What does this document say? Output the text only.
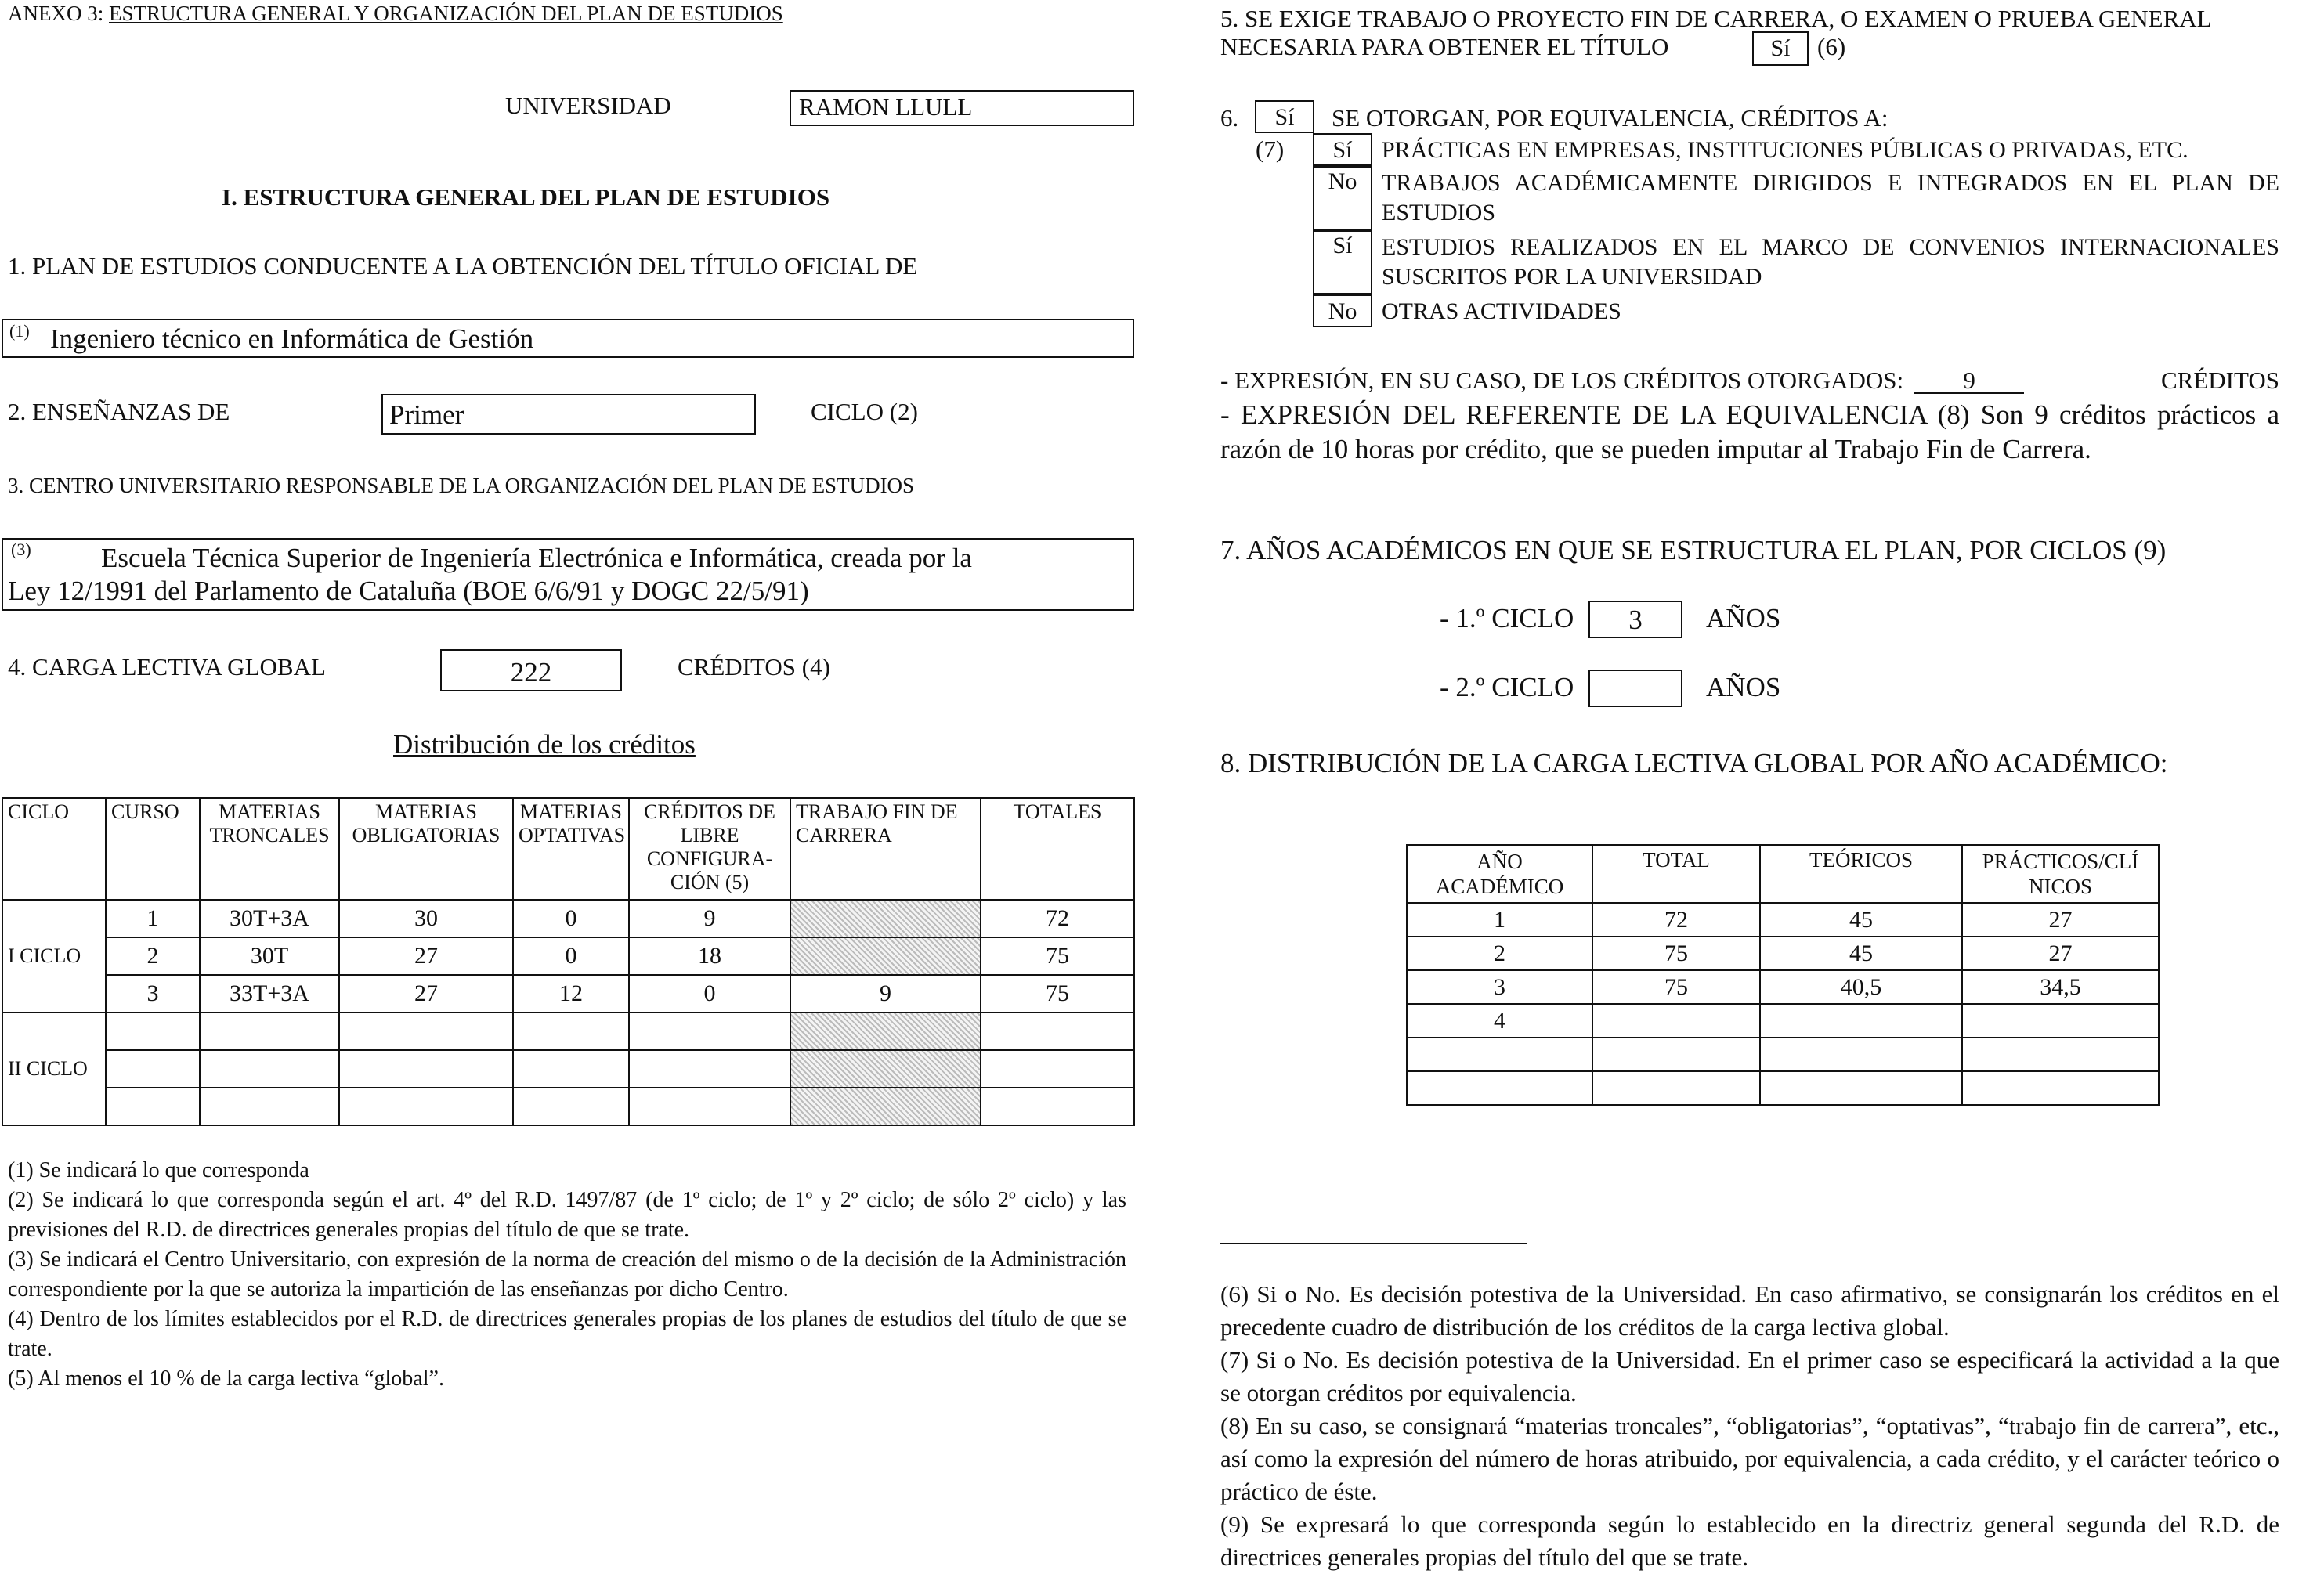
ANEXO 3: ESTRUCTURA GENERAL Y ORGANIZACIÓN DEL PLAN DE ESTUDIOS
UNIVERSIDAD	RAMON LLULL
I. ESTRUCTURA GENERAL DEL PLAN DE ESTUDIOS
1. PLAN DE ESTUDIOS CONDUCENTE A LA OBTENCIÓN DEL TÍTULO OFICIAL DE
(1) Ingeniero técnico en Informática de Gestión
2. ENSEÑANZAS DE	Primer	CICLO (2)
3. CENTRO UNIVERSITARIO RESPONSABLE DE LA ORGANIZACIÓN DEL PLAN DE ESTUDIOS
(3)	Escuela Técnica Superior de Ingeniería Electrónica e Informática, creada por la
Ley 12/1991 del Parlamento de Cataluña (BOE 6/6/91 y DOGC 22/5/91)
4. CARGA LECTIVA GLOBAL	222	CRÉDITOS (4)
Distribución de los créditos
CICLO	CURSO	MATERIAS TRONCALES	MATERIAS OBLIGATORIAS	MATERIAS OPTATIVAS	CRÉDITOS DE LIBRE CONFIGURA-CIÓN (5)	TRABAJO FIN DE CARRERA	TOTALES
I CICLO	1	30T+3A	30	0	9		72
	2	30T	27	0	18		75
	3	33T+3A	27	12	0	9	75
II CICLO							

(1) Se indicará lo que corresponda
(2) Se indicará lo que corresponda según el art. 4º del R.D. 1497/87 (de 1º ciclo; de 1º y 2º ciclo; de sólo 2º ciclo) y las previsiones del R.D. de directrices generales propias del título de que se trate.
(3) Se indicará el Centro Universitario, con expresión de la norma de creación del mismo o de la decisión de la Administración correspondiente por la que se autoriza la impartición de las enseñanzas por dicho Centro.
(4) Dentro de los límites establecidos por el R.D. de directrices generales propias de los planes de estudios del título de que se trate.
(5) Al menos el 10 % de la carga lectiva “global”.
5. SE EXIGE TRABAJO O PROYECTO FIN DE CARRERA, O EXAMEN O PRUEBA GENERAL
NECESARIA PARA OBTENER EL TÍTULO	Sí	(6)
6.	Sí	SE OTORGAN, POR EQUIVALENCIA, CRÉDITOS A:
(7)	Sí	PRÁCTICAS EN EMPRESAS, INSTITUCIONES PÚBLICAS O PRIVADAS, ETC.
No	TRABAJOS ACADÉMICAMENTE DIRIGIDOS E INTEGRADOS EN EL PLAN DE
ESTUDIOS
Sí	ESTUDIOS REALIZADOS EN EL MARCO DE CONVENIOS INTERNACIONALES
SUSCRITOS POR LA UNIVERSIDAD
No	OTRAS ACTIVIDADES
- EXPRESIÓN, EN SU CASO, DE LOS CRÉDITOS OTORGADOS:	9	CRÉDITOS
- EXPRESIÓN DEL REFERENTE DE LA EQUIVALENCIA (8) Son 9 créditos prácticos a
razón de 10 horas por crédito, que se pueden imputar al Trabajo Fin de Carrera.
7. AÑOS ACADÉMICOS EN QUE SE ESTRUCTURA EL PLAN, POR CICLOS (9)
- 1.º CICLO	3	AÑOS
- 2.º CICLO	AÑOS
8. DISTRIBUCIÓN DE LA CARGA LECTIVA GLOBAL POR AÑO ACADÉMICO:
AÑO ACADÉMICO	TOTAL	TEÓRICOS	PRÁCTICOS/CLÍ NICOS
1	72	45	27
2	75	45	27
3	75	40,5	34,5
4			

(6) Si o No. Es decisión potestiva de la Universidad. En caso afirmativo, se consignarán los créditos en el precedente cuadro de distribución de los créditos de la carga lectiva global.
(7) Si o No. Es decisión potestiva de la Universidad. En el primer caso se especificará la actividad a la que se otorgan créditos por equivalencia.
(8) En su caso, se consignará “materias troncales”, “obligatorias”, “optativas”, “trabajo fin de carrera”, etc., así como la expresión del número de horas atribuido, por equivalencia, a cada crédito, y el carácter teórico o práctico de éste.
(9) Se expresará lo que corresponda según lo establecido en la directriz general segunda del R.D. de directrices generales propias del título del que se trate.
